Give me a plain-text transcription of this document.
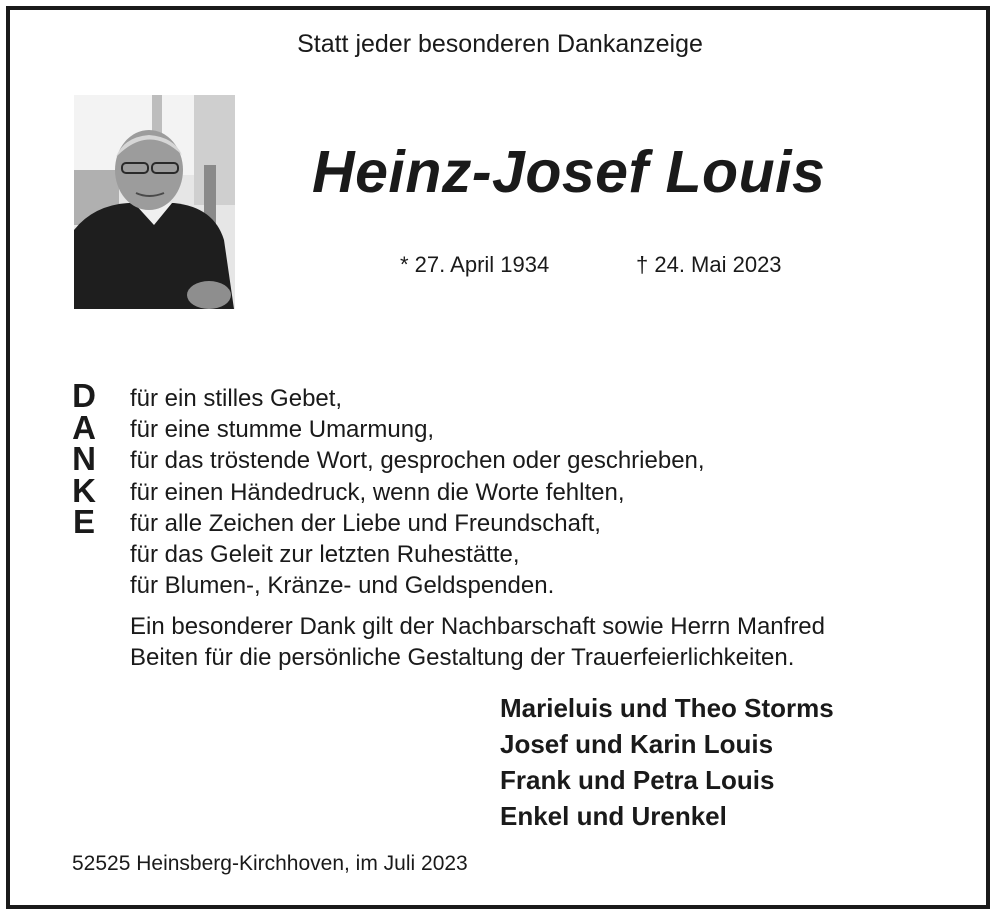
Statt jeder besonderen Dankanzeige
Heinz-Josef Louis
* 27. April 1934	† 24. Mai 2023
D
A
N
K
E
für ein stilles Gebet,
für eine stumme Umarmung,
für das tröstende Wort, gesprochen oder geschrieben,
für einen Händedruck, wenn die Worte fehlten,
für alle Zeichen der Liebe und Freundschaft,
für das Geleit zur letzten Ruhestätte,
für Blumen-, Kränze- und Geldspenden.
Ein besonderer Dank gilt der Nachbarschaft sowie Herrn Manfred
Beiten für die persönliche Gestaltung der Trauerfeierlichkeiten.
Marieluis und Theo Storms
Josef und Karin Louis
Frank und Petra Louis
Enkel und Urenkel
52525 Heinsberg-Kirchhoven, im Juli 2023
